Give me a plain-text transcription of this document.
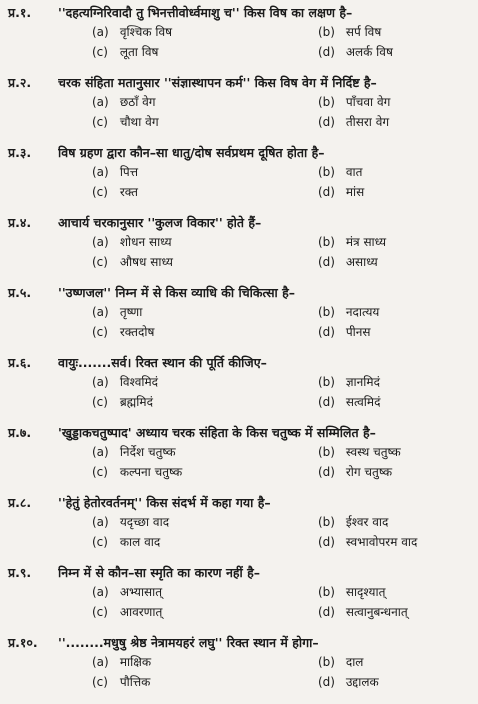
प्र.१.	''दहत्यग्निरिवादौ तु भिनत्तीवोर्ध्वमाशु च'' किस विष का लक्षण है–
(a) वृश्चिक विष	(b) सर्प विष
(c) लूता विष	(d) अलर्क विष
प्र.२.	चरक संहिता मतानुसार ''संज्ञास्थापन कर्म'' किस विष वेग में निर्दिष्ट है–
(a) छठाँ वेग	(b) पाँचवा वेग
(c) चौथा वेग	(d) तीसरा वेग
प्र.३.	विष ग्रहण द्वारा कौन–सा धातु/दोष सर्वप्रथम दूषित होता है–
(a) पित्त	(b) वात
(c) रक्त	(d) मांस
प्र.४.	आचार्य चरकानुसार ''कुलज विकार'' होते हैं–
(a) शोधन साध्य	(b) मंत्र साध्य
(c) औषध साध्य	(d) असाध्य
प्र.५.	''उष्णजल'' निम्न में से किस व्याधि की चिकित्सा है–
(a) तृष्णा	(b) नदात्यय
(c) रक्तदोष	(d) पीनस
प्र.६.	वायुः.......सर्व। रिक्त स्थान की पूर्ति कीजिए–
(a) विश्वमिदं	(b) ज्ञानमिदं
(c) ब्रह्ममिदं	(d) सत्वमिदं
प्र.७.	'खुड्डाकचतुष्पाद' अध्याय चरक संहिता के किस चतुष्क में सम्मिलित है–
(a) निर्देश चतुष्क	(b) स्वस्थ चतुष्क
(c) कल्पना चतुष्क	(d) रोग चतुष्क
प्र.८.	''हेतुं हेतोरवर्तनम्'' किस संदर्भ में कहा गया है–
(a) यदृच्छा वाद	(b) ईश्वर वाद
(c) काल वाद	(d) स्वभावोपरम वाद
प्र.९.	निम्न में से कौन–सा स्मृति का कारण नहीं है–
(a) अभ्यासात्	(b) सादृश्यात्
(c) आवरणात्	(d) सत्वानुबन्धनात्
प्र.१०.	''........मधुषु श्रेष्ठ नेत्रामयहरं लघु'' रिक्त स्थान में होगा–
(a) माक्षिक	(b) दाल
(c) पौत्तिक	(d) उद्दालक
